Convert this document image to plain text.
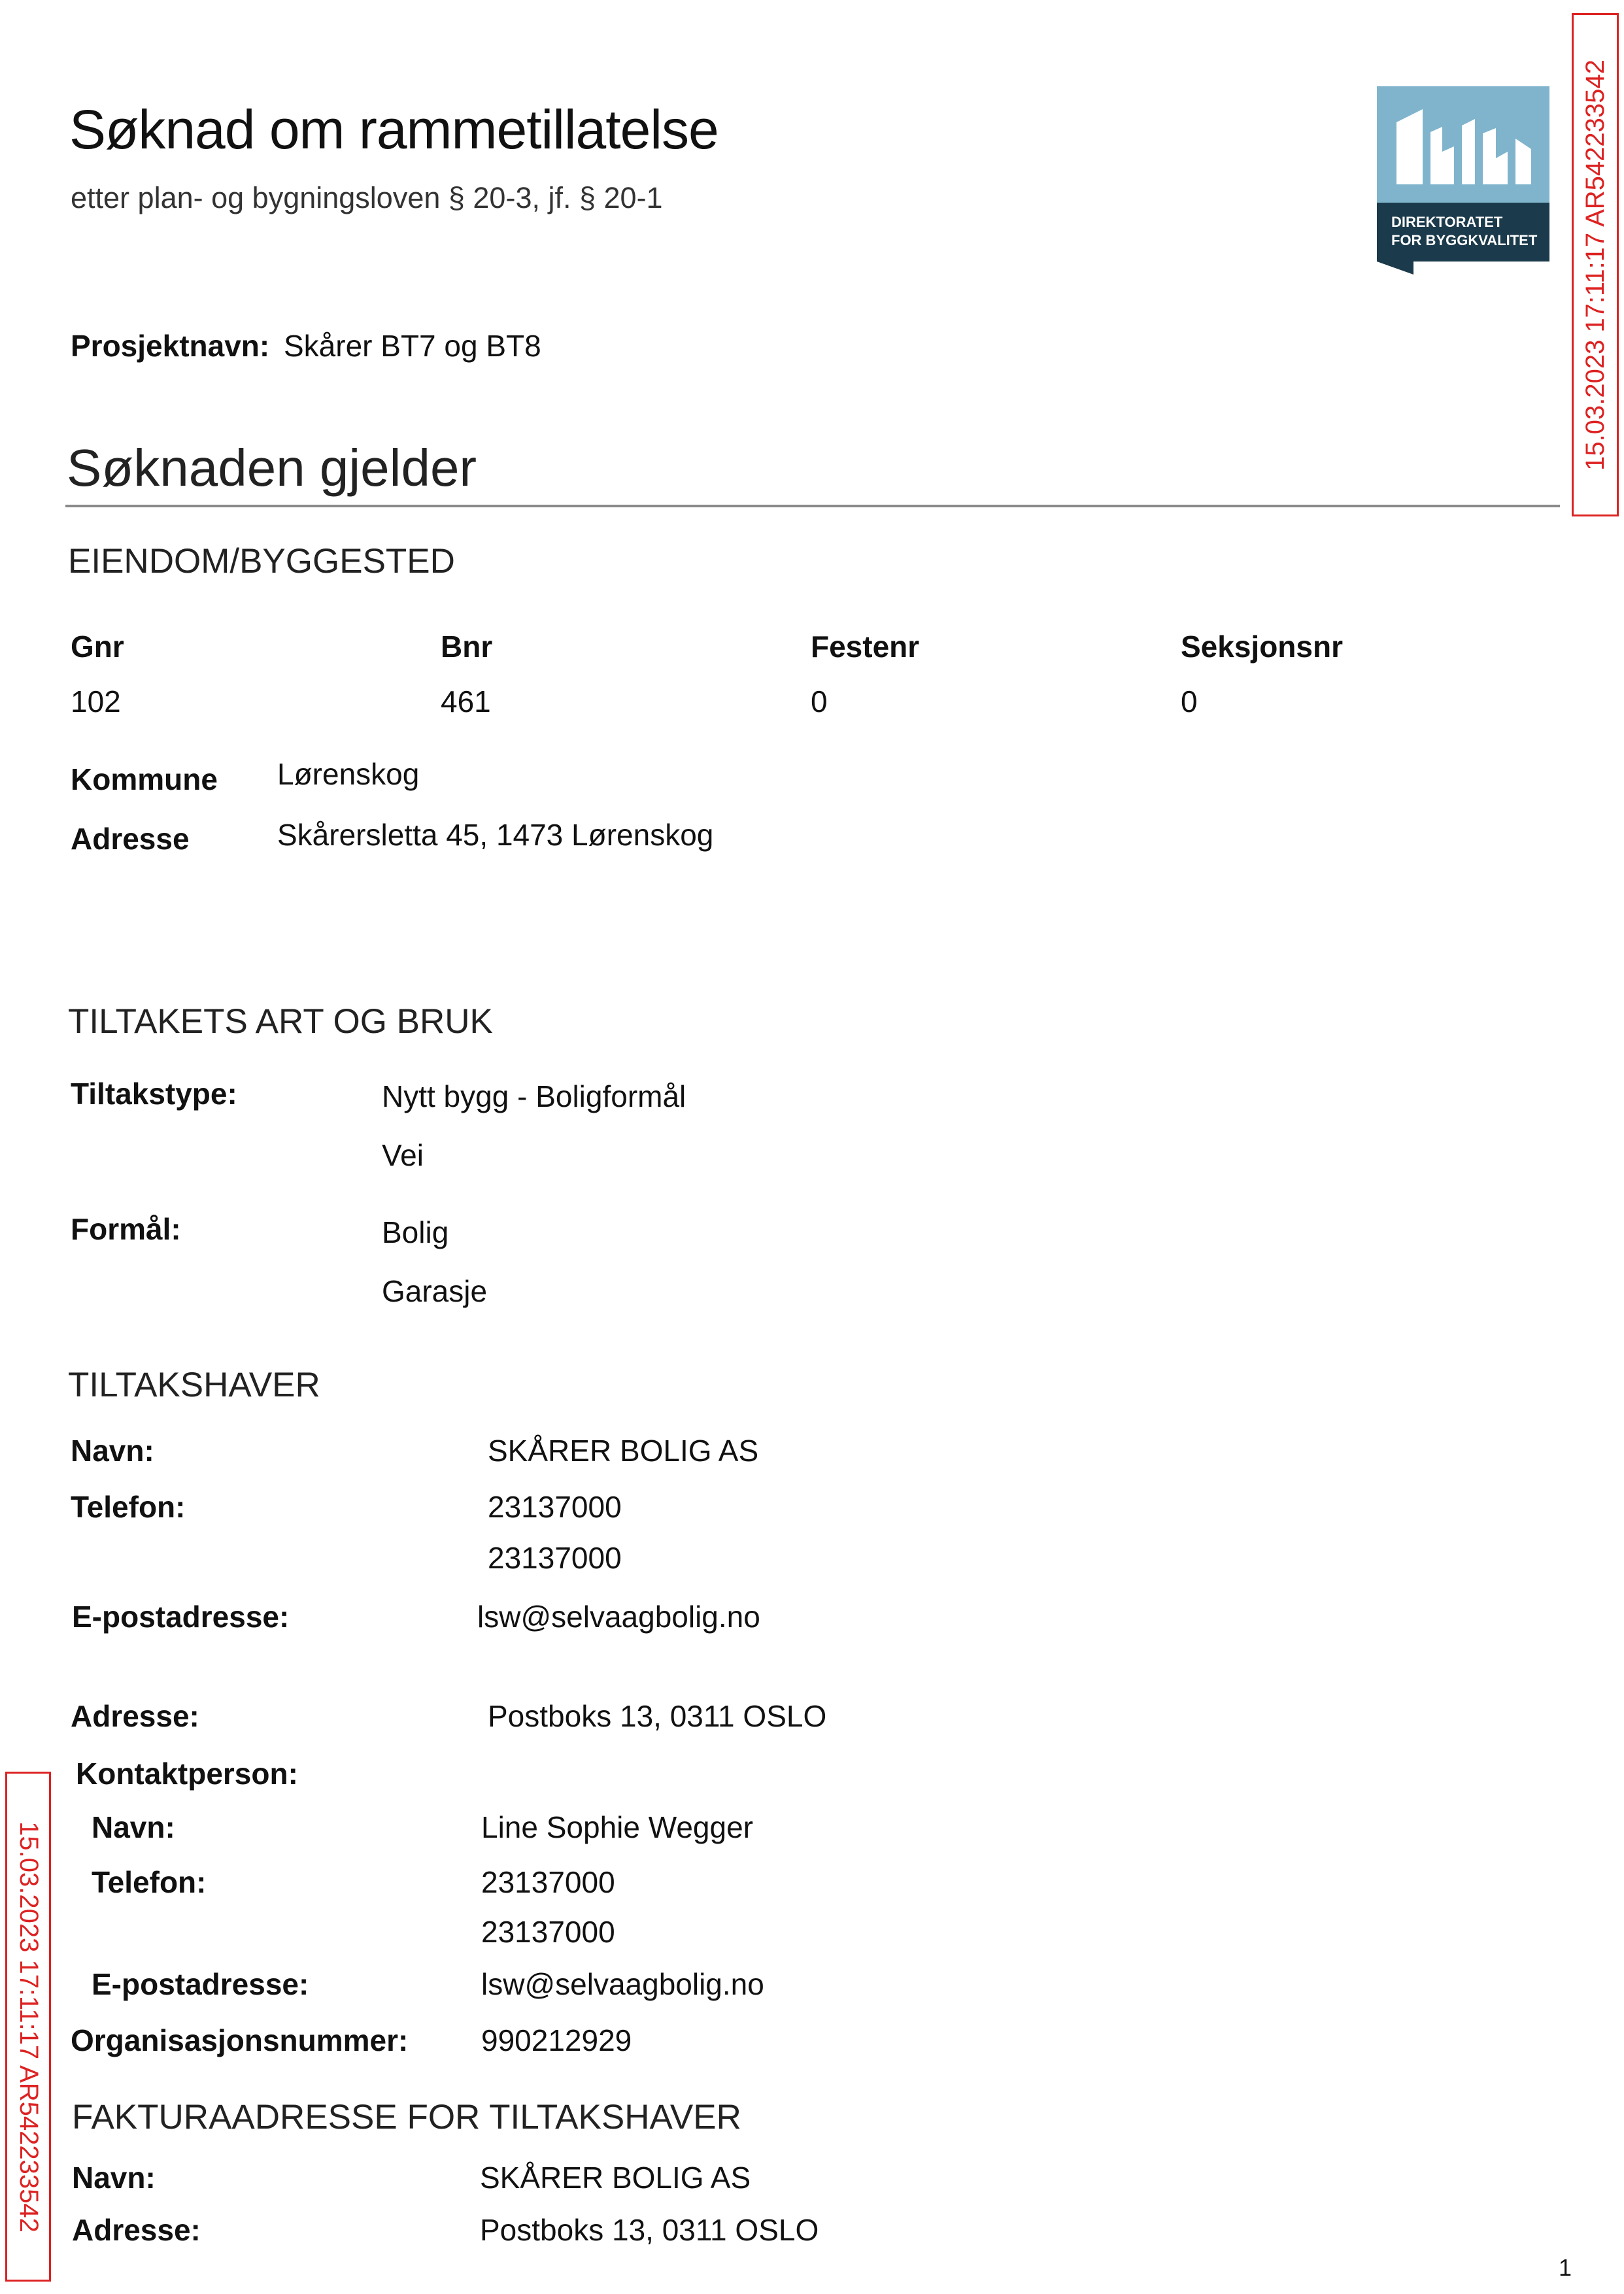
Søknad om rammetillatelse
etter plan- og bygningsloven § 20-3, jf. § 20-1
DIREKTORATET
FOR BYGGKVALITET 15.03.2023 17:11:17 AR542233542
Prosjektnavn: Skårer BT7 og BT8
Søknaden gjelder
EIENDOM/BYGGESTED
Gnr	Bnr	Festenr	Seksjonsnr
102	461	0	0
Kommune Lørenskog
Adresse	Skårersletta 45, 1473 Lørenskog
TILTAKETS ART OG BRUK
Tiltakstype:	Nytt bygg - Boligformål
Vei
Formål:	Bolig
Garasje
TILTAKSHAVER
Navn:	SKÅRER BOLIG AS
Telefon:	23137000
23137000
E-postadresse:	lsw@selvaagbolig.no
Adresse:	Postboks 13, 0311 OSLO
Kontaktperson:
Navn:	Line Sophie Wegger
Telefon:	23137000
23137000
E-postadresse:	lsw@selvaagbolig.no
Organisasjonsnummer: 990212929
FAKTURAADRESSE FOR TILTAKSHAVER
Navn:	SKÅRER BOLIG AS
Adresse:	Postboks 13, 0311 OSLO
15.03.2023 17:11:17 AR542233542
1
